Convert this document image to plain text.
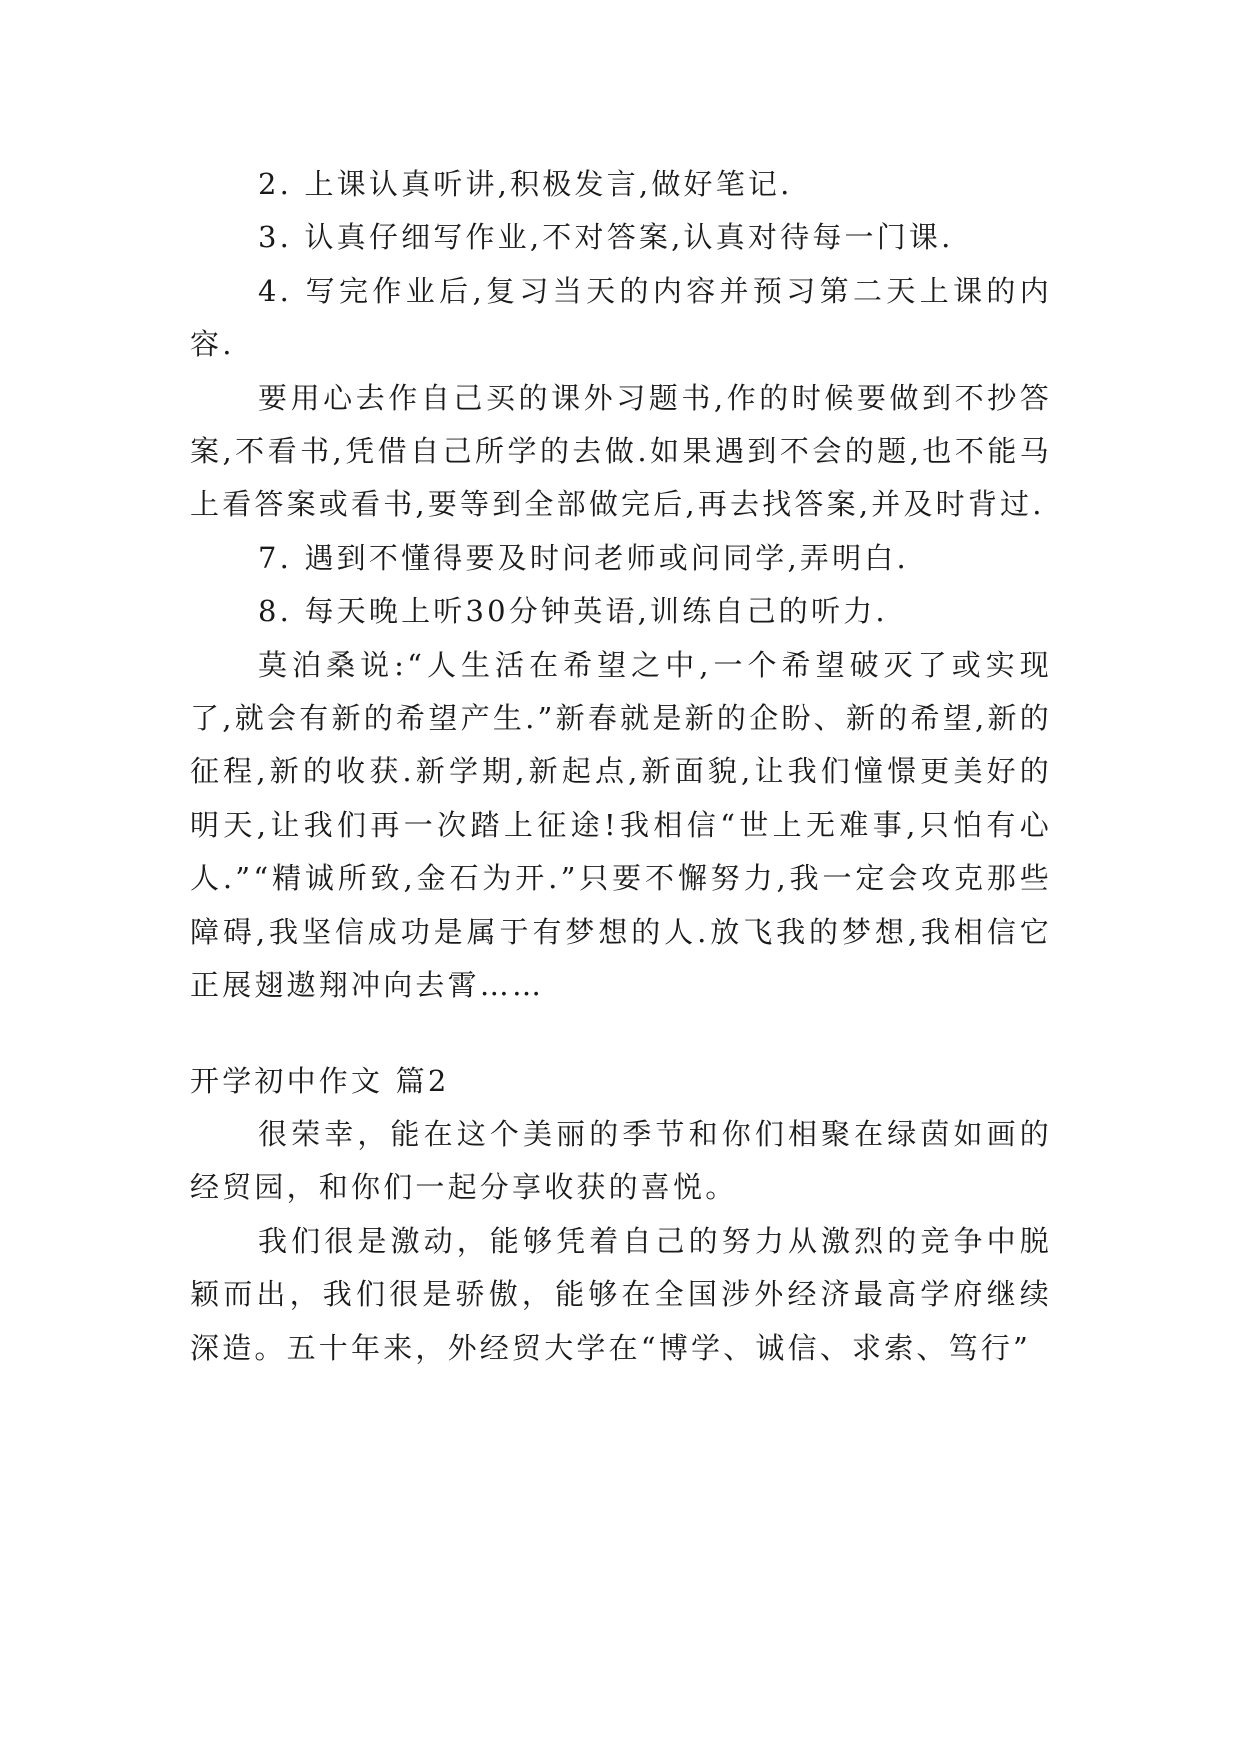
2. 上课认真听讲,积极发言,做好笔记.

3. 认真仔细写作业,不对答案,认真对待每一门课.

4. 写完作业后,复习当天的内容并预习第二天上课的内容.

要用心去作自己买的课外习题书,作的时候要做到不抄答案,不看书,凭借自己所学的去做.如果遇到不会的题,也不能马上看答案或看书,要等到全部做完后,再去找答案,并及时背过.

7. 遇到不懂得要及时问老师或问同学,弄明白.

8. 每天晚上听30分钟英语,训练自己的听力.

莫泊桑说:“人生活在希望之中,一个希望破灭了或实现了,就会有新的希望产生.”新春就是新的企盼、新的希望,新的征程,新的收获.新学期,新起点,新面貌,让我们憧憬更美好的明天,让我们再一次踏上征途!我相信“世上无难事,只怕有心人.”“精诚所致,金石为开.”只要不懈努力,我一定会攻克那些障碍,我坚信成功是属于有梦想的人.放飞我的梦想,我相信它正展翅遨翔冲向去霄……

开学初中作文 篇2

很荣幸，能在这个美丽的季节和你们相聚在绿茵如画的经贸园，和你们一起分享收获的喜悦。

我们很是激动，能够凭着自己的努力从激烈的竞争中脱颖而出，我们很是骄傲，能够在全国涉外经济最高学府继续深造。五十年来，外经贸大学在“博学、诚信、求索、笃行”
